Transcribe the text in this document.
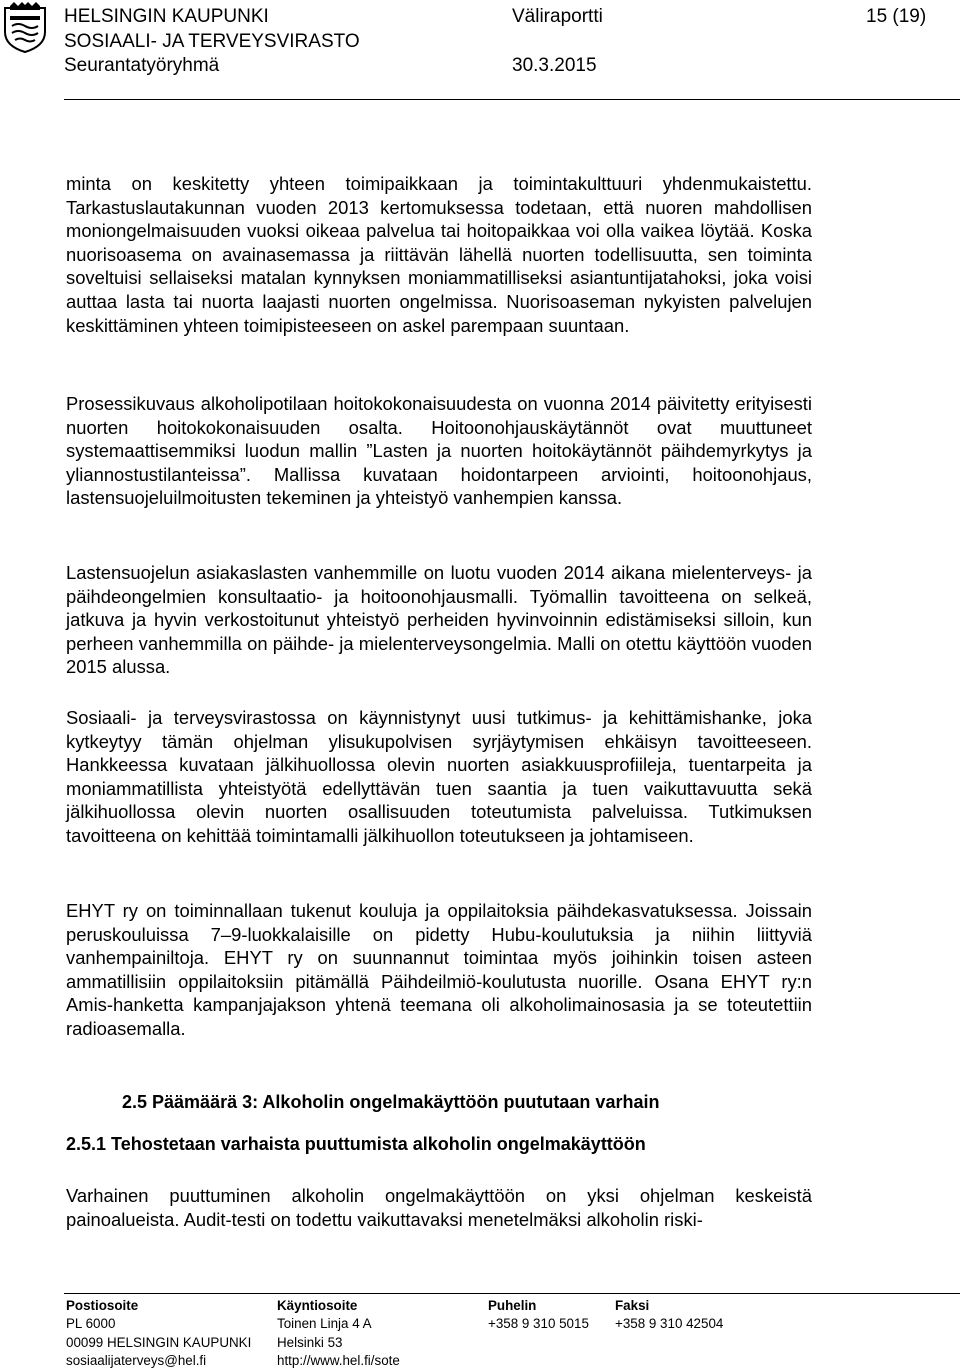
HELSINGIN KAUPUNKI
SOSIAALI- JA TERVEYSVIRASTO
Seurantatyöryhmä
Väliraportti
30.3.2015
15 (19)

minta on keskitetty yhteen toimipaikkaan ja toimintakulttuuri yhdenmukaistettu. Tarkastuslautakunnan vuoden 2013 kertomuksessa todetaan, että nuoren mahdollisen moniongelmaisuuden vuoksi oikeaa palvelua tai hoitopaikkaa voi olla vaikea löytää. Koska nuorisoasema on avainasemassa ja riittävän lähellä nuorten todellisuutta, sen toiminta soveltuisi sellaiseksi matalan kynnyksen moniammatilliseksi asiantuntijatahoksi, joka voisi auttaa lasta tai nuorta laajasti nuorten ongelmissa. Nuorisoaseman nykyisten palvelujen keskittäminen yhteen toimipisteeseen on askel parempaan suuntaan.

Prosessikuvaus alkoholipotilaan hoitokokonaisuudesta on vuonna 2014 päivitetty erityisesti nuorten hoitokokonaisuuden osalta. Hoitoonohjauskäytännöt ovat muuttuneet systemaattisemmiksi luodun mallin ”Lasten ja nuorten hoitokäytännöt päihdemyrkytys ja yliannostustilanteissa”. Mallissa kuvataan hoidontarpeen arviointi, hoitoonohjaus, lastensuojeluilmoitusten tekeminen ja yhteistyö vanhempien kanssa.

Lastensuojelun asiakaslasten vanhemmille on luotu vuoden 2014 aikana mielenterveys- ja päihdeongelmien konsultaatio- ja hoitoonohjausmalli. Työmallin tavoitteena on selkeä, jatkuva ja hyvin verkostoitunut yhteistyö perheiden hyvinvoinnin edistämiseksi silloin, kun perheen vanhemmilla on päihde- ja mielenterveysongelmia. Malli on otettu käyttöön vuoden 2015 alussa.

Sosiaali- ja terveysvirastossa on käynnistynyt uusi tutkimus- ja kehittämishanke, joka kytkeytyy tämän ohjelman ylisukupolvisen syrjäytymisen ehkäisyn tavoitteeseen. Hankkeessa kuvataan jälkihuollossa olevin nuorten asiakkuusprofiileja, tuentarpeita ja moniammatillista yhteistyötä edellyttävän tuen saantia ja tuen vaikuttavuutta sekä jälkihuollossa olevin nuorten osallisuuden toteutumista palveluissa. Tutkimuksen tavoitteena on kehittää toimintamalli jälkihuollon toteutukseen ja johtamiseen.

EHYT ry on toiminnallaan tukenut kouluja ja oppilaitoksia päihdekasvatuksessa. Joissain peruskouluissa 7–9-luokkalaisille on pidetty Hubu-koulutuksia ja niihin liittyviä vanhempainiltoja. EHYT ry on suunnannut toimintaa myös joihinkin toisen asteen ammatillisiin oppilaitoksiin pitämällä Päihdeilmiö-koulutusta nuorille. Osana EHYT ry:n Amis-hanketta kampanjajakson yhtenä teemana oli alkoholimainosasia ja se toteutettiin radioasemalla.

2.5 Päämäärä 3: Alkoholin ongelmakäyttöön puututaan varhain
2.5.1 Tehostetaan varhaista puuttumista alkoholin ongelmakäyttöön

Varhainen puuttuminen alkoholin ongelmakäyttöön on yksi ohjelman keskeistä painoalueista. Audit-testi on todettu vaikuttavaksi menetelmäksi alkoholin riski-

Postiosoite
PL 6000
00099 HELSINGIN KAUPUNKI
sosiaalijaterveys@hel.fi
Käyntiosoite
Toinen Linja 4 A
Helsinki 53
http://www.hel.fi/sote
Puhelin
+358 9 310 5015
Faksi
+358 9 310 42504
